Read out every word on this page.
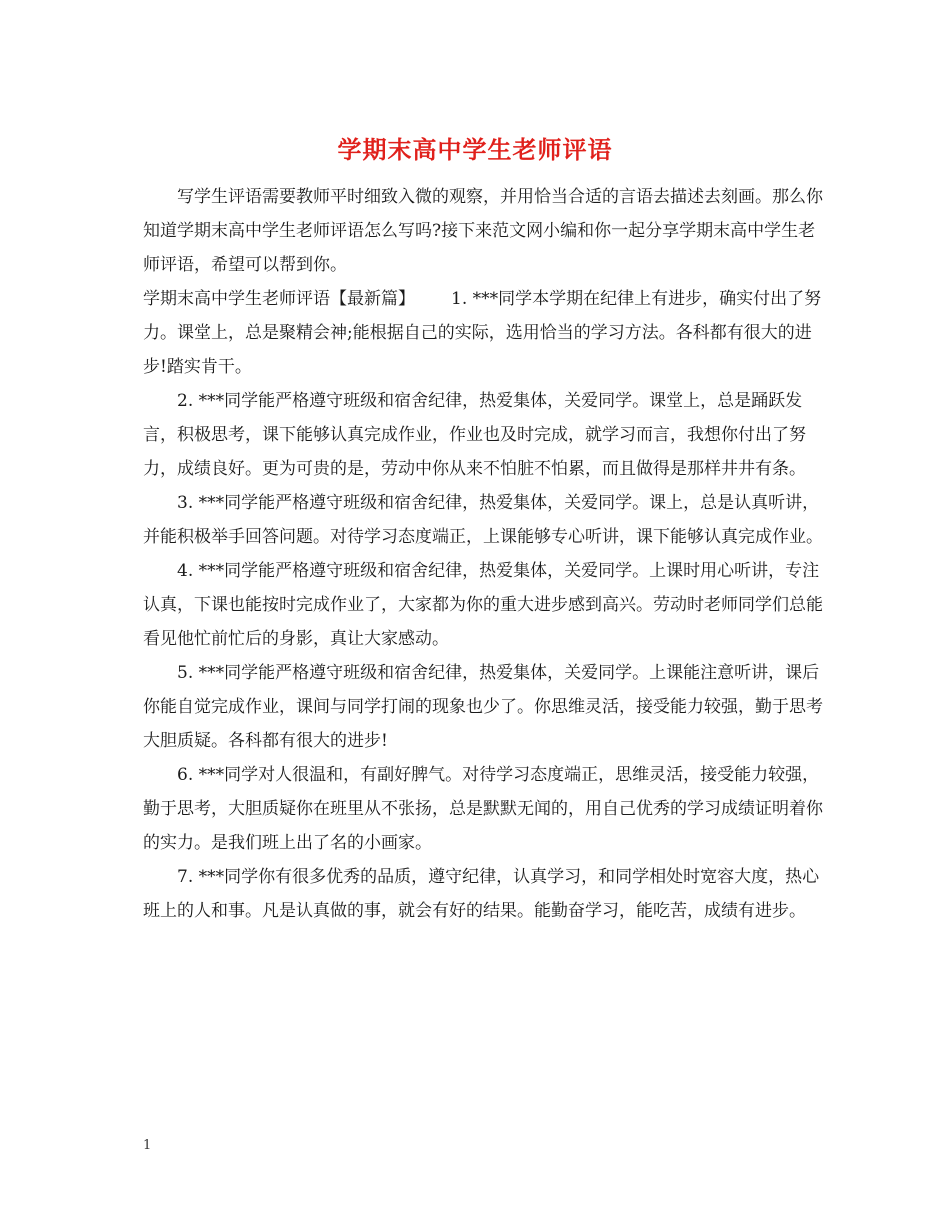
学期末高中学生老师评语

写学生评语需要教师平时细致入微的观察，并用恰当合适的言语去描述去刻画。那么你知道学期末高中学生老师评语怎么写吗?接下来范文网小编和你一起分享学期末高中学生老师评语，希望可以帮到你。

学期末高中学生老师评语【最新篇】 1. ***同学本学期在纪律上有进步，确实付出了努力。课堂上，总是聚精会神;能根据自己的实际，选用恰当的学习方法。各科都有很大的进步!踏实肯干。

2. ***同学能严格遵守班级和宿舍纪律，热爱集体，关爱同学。课堂上，总是踊跃发言，积极思考，课下能够认真完成作业，作业也及时完成，就学习而言，我想你付出了努力，成绩良好。更为可贵的是，劳动中你从来不怕脏不怕累，而且做得是那样井井有条。

3. ***同学能严格遵守班级和宿舍纪律，热爱集体，关爱同学。课上，总是认真听讲，并能积极举手回答问题。对待学习态度端正，上课能够专心听讲，课下能够认真完成作业。

4. ***同学能严格遵守班级和宿舍纪律，热爱集体，关爱同学。上课时用心听讲，专注认真，下课也能按时完成作业了，大家都为你的重大进步感到高兴。劳动时老师同学们总能看见他忙前忙后的身影，真让大家感动。

5. ***同学能严格遵守班级和宿舍纪律，热爱集体，关爱同学。上课能注意听讲，课后你能自觉完成作业，课间与同学打闹的现象也少了。你思维灵活，接受能力较强，勤于思考大胆质疑。各科都有很大的进步!

6. ***同学对人很温和，有副好脾气。对待学习态度端正，思维灵活，接受能力较强，勤于思考，大胆质疑你在班里从不张扬，总是默默无闻的，用自己优秀的学习成绩证明着你的实力。是我们班上出了名的小画家。

7. ***同学你有很多优秀的品质，遵守纪律，认真学习，和同学相处时宽容大度，热心班上的人和事。凡是认真做的事，就会有好的结果。能勤奋学习，能吃苦，成绩有进步。

1
